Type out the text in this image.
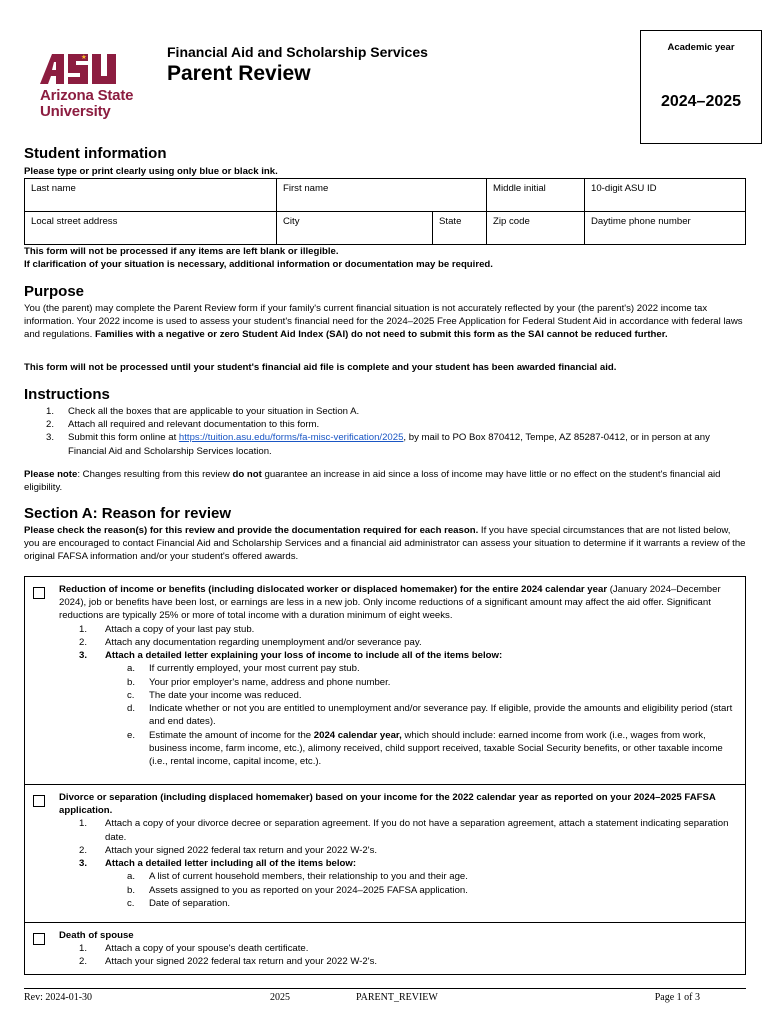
Arizona State
University
Financial Aid and Scholarship Services
Parent Review
Academic year
2024–2025
Student information
Please type or print clearly using only blue or black ink.
Last name	First name		Middle initial	10-digit ASU ID
Local street address	City	State	Zip code	Daytime phone number
This form will not be processed if any items are left blank or illegible.
If clarification of your situation is necessary, additional information or documentation may be required.
Purpose
You (the parent) may complete the Parent Review form if your family's current financial situation is not accurately reflected by your (the parent's) 2022 income tax information. Your 2022 income is used to assess your student's financial need for the 2024–2025 Free Application for Federal Student Aid in accordance with federal laws and regulations. Families with a negative or zero Student Aid Index (SAI) do not need to submit this form as the SAI cannot be reduced further.
This form will not be processed until your student's financial aid file is complete and your student has been awarded financial aid.
Instructions
1. Check all the boxes that are applicable to your situation in Section A.
2. Attach all required and relevant documentation to this form.
3. Submit this form online at https://tuition.asu.edu/forms/fa-misc-verification/2025, by mail to PO Box 870412, Tempe, AZ 85287-0412, or in person at any Financial Aid and Scholarship Services location.
Please note: Changes resulting from this review do not guarantee an increase in aid since a loss of income may have little or no effect on the student's financial aid eligibility.
Section A: Reason for review
Please check the reason(s) for this review and provide the documentation required for each reason. If you have special circumstances that are not listed below, you are encouraged to contact Financial Aid and Scholarship Services and a financial aid administrator can assess your situation to determine if it warrants a review of the original FAFSA information and/or your student's offered awards.
Reduction of income or benefits (including dislocated worker or displaced homemaker) for the entire 2024 calendar year (January 2024–December 2024), job or benefits have been lost, or earnings are less in a new job. Only income reductions of a significant amount may affect the aid offer. Significant reductions are typically 25% or more of total income with a duration minimum of eight weeks.
1. Attach a copy of your last pay stub.
2. Attach any documentation regarding unemployment and/or severance pay.
3. Attach a detailed letter explaining your loss of income to include all of the items below:
a. If currently employed, your most current pay stub.
b. Your prior employer's name, address and phone number.
c. The date your income was reduced.
d. Indicate whether or not you are entitled to unemployment and/or severance pay. If eligible, provide the amounts and eligibility period (start and end dates).
e. Estimate the amount of income for the 2024 calendar year, which should include: earned income from work (i.e., wages from work, business income, farm income, etc.), alimony received, child support received, taxable Social Security benefits, or other taxable income (i.e., rental income, capital income, etc.).
Divorce or separation (including displaced homemaker) based on your income for the 2022 calendar year as reported on your 2024–2025 FAFSA application.
1. Attach a copy of your divorce decree or separation agreement. If you do not have a separation agreement, attach a statement indicating separation date.
2. Attach your signed 2022 federal tax return and your 2022 W-2's.
3. Attach a detailed letter including all of the items below:
a. A list of current household members, their relationship to you and their age.
b. Assets assigned to you as reported on your 2024–2025 FAFSA application.
c. Date of separation.
Death of spouse
1. Attach a copy of your spouse's death certificate.
2. Attach your signed 2022 federal tax return and your 2022 W-2's.
Rev: 2024-01-30	2025	PARENT_REVIEW	Page 1 of 3
